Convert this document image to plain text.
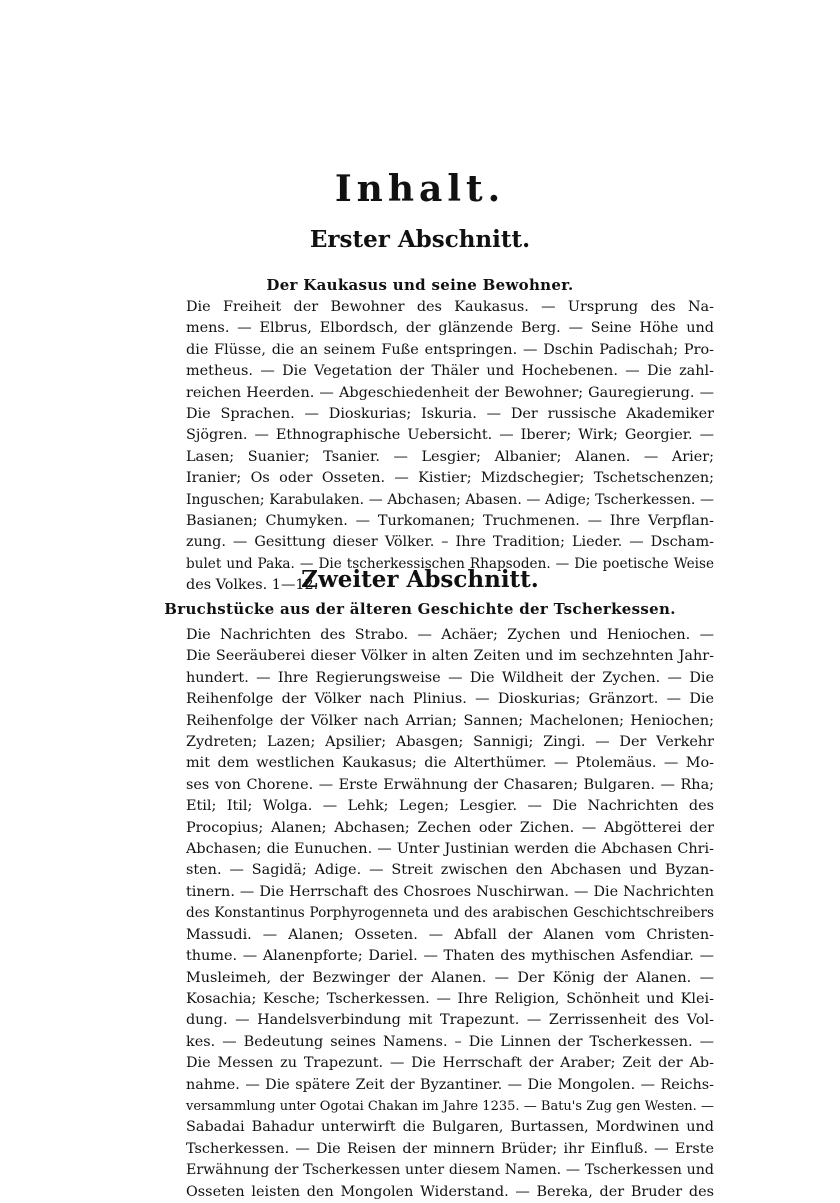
Inhalt.
Erster Abschnitt.
Der Kaukasus und seine Bewohner.
Die Freiheit der Bewohner des Kaukasus. — Ursprung des Na-
mens. — Elbrus, Elbordsch, der glänzende Berg. — Seine Höhe und
die Flüsse, die an seinem Fuße entspringen. — Dschin Padischah; Pro-
metheus. — Die Vegetation der Thäler und Hochebenen. — Die zahl-
reichen Heerden. — Abgeschiedenheit der Bewohner; Gauregierung. —
Die Sprachen. — Dioskurias; Iskuria. — Der russische Akademiker
Sjögren. — Ethnographische Uebersicht. — Iberer; Wirk; Georgier. —
Lasen; Suanier; Tsanier. — Lesgier; Albanier; Alanen. — Arier;
Iranier; Os oder Osseten. — Kistier; Mizdschegier; Tschetschenzen;
Inguschen; Karabulaken. — Abchasen; Abasen. — Adige; Tscherkessen. —
Basianen; Chumyken. — Turkomanen; Truchmenen. — Ihre Verpflan-
zung. — Gesittung dieser Völker. – Ihre Tradition; Lieder. — Dscham-
bulet und Paka. — Die tscherkessischen Rhapsoden. — Die poetische Weise
des Volkes. 1—12.
Zweiter Abschnitt.
Bruchstücke aus der älteren Geschichte der Tscherkessen.
Die Nachrichten des Strabo. — Achäer; Zychen und Heniochen. —
Die Seeräuberei dieser Völker in alten Zeiten und im sechzehnten Jahr-
hundert. — Ihre Regierungsweise — Die Wildheit der Zychen. — Die
Reihenfolge der Völker nach Plinius. — Dioskurias; Gränzort. — Die
Reihenfolge der Völker nach Arrian; Sannen; Machelonen; Heniochen;
Zydreten; Lazen; Apsilier; Abasgen; Sannigi; Zingi. — Der Verkehr
mit dem westlichen Kaukasus; die Alterthümer. — Ptolemäus. — Mo-
ses von Chorene. — Erste Erwähnung der Chasaren; Bulgaren. — Rha;
Etil; Itil; Wolga. — Lehk; Legen; Lesgier. — Die Nachrichten des
Procopius; Alanen; Abchasen; Zechen oder Zichen. — Abgötterei der
Abchasen; die Eunuchen. — Unter Justinian werden die Abchasen Chri-
sten. — Sagidä; Adige. — Streit zwischen den Abchasen und Byzan-
tinern. — Die Herrschaft des Chosroes Nuschirwan. — Die Nachrichten
des Konstantinus Porphyrogenneta und des arabischen Geschichtschreibers
Massudi. — Alanen; Osseten. — Abfall der Alanen vom Christen-
thume. — Alanenpforte; Dariel. — Thaten des mythischen Asfendiar. —
Musleimeh, der Bezwinger der Alanen. — Der König der Alanen. —
Kosachia; Kesche; Tscherkessen. — Ihre Religion, Schönheit und Klei-
dung. — Handelsverbindung mit Trapezunt. — Zerrissenheit des Vol-
kes. — Bedeutung seines Namens. – Die Linnen der Tscherkessen. —
Die Messen zu Trapezunt. — Die Herrschaft der Araber; Zeit der Ab-
nahme. — Die spätere Zeit der Byzantiner. — Die Mongolen. — Reichs-
versammlung unter Ogotai Chakan im Jahre 1235. — Batu's Zug gen Westen. —
Sabadai Bahadur unterwirft die Bulgaren, Burtassen, Mordwinen und
Tscherkessen. — Die Reisen der minnern Brüder; ihr Einfluß. — Erste
Erwähnung der Tscherkessen unter diesem Namen. — Tscherkessen und
Osseten leisten den Mongolen Widerstand. — Bereka, der Bruder des
